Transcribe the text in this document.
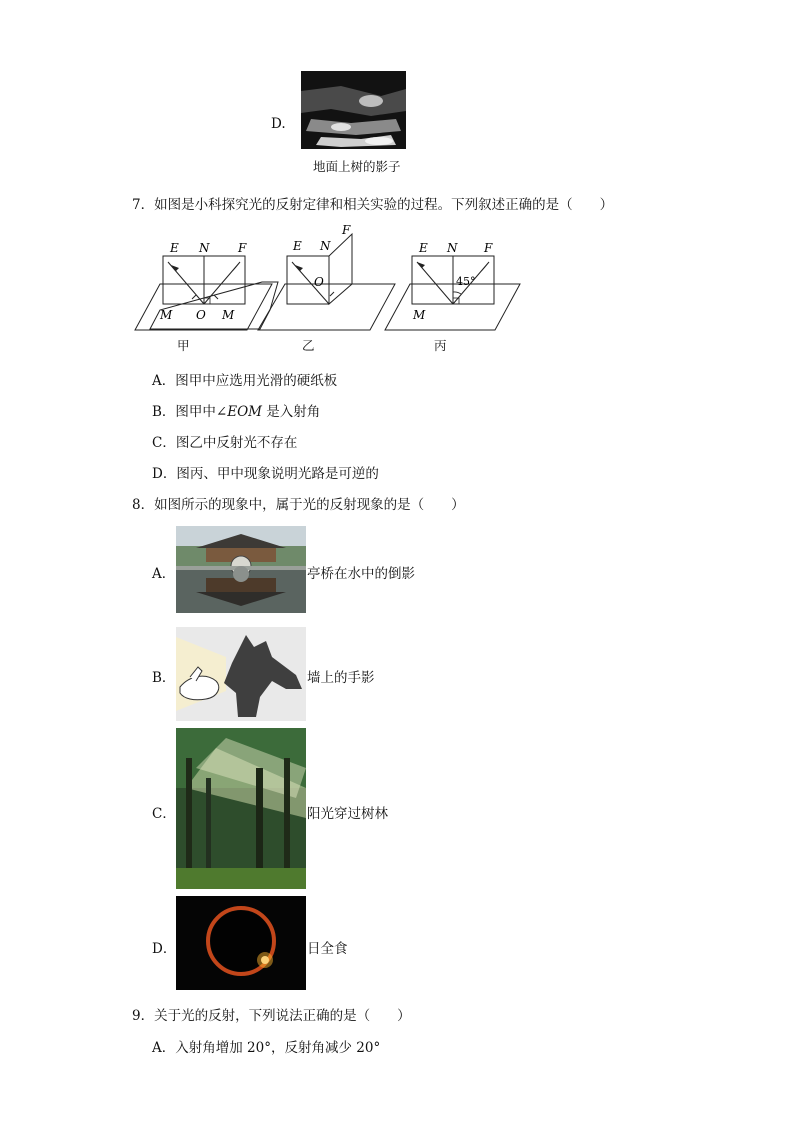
D.
地面上树的影子
7．如图是小科探究光的反射定律和相关实验的过程。下列叙述正确的是（　　）
E N F
M O M
E N
F
O
E N F
45°
M
甲	乙	丙
A．图甲中应选用光滑的硬纸板
B．图甲中∠EOM 是入射角
C．图乙中反射光不存在
D．图丙、甲中现象说明光路是可逆的
8．如图所示的现象中，属于光的反射现象的是（　　）
A．	亭桥在水中的倒影
B．	墙上的手影
C．	阳光穿过树林
D．	日全食
9．关于光的反射，下列说法正确的是（　　）
A．入射角增加 20°，反射角减少 20°
